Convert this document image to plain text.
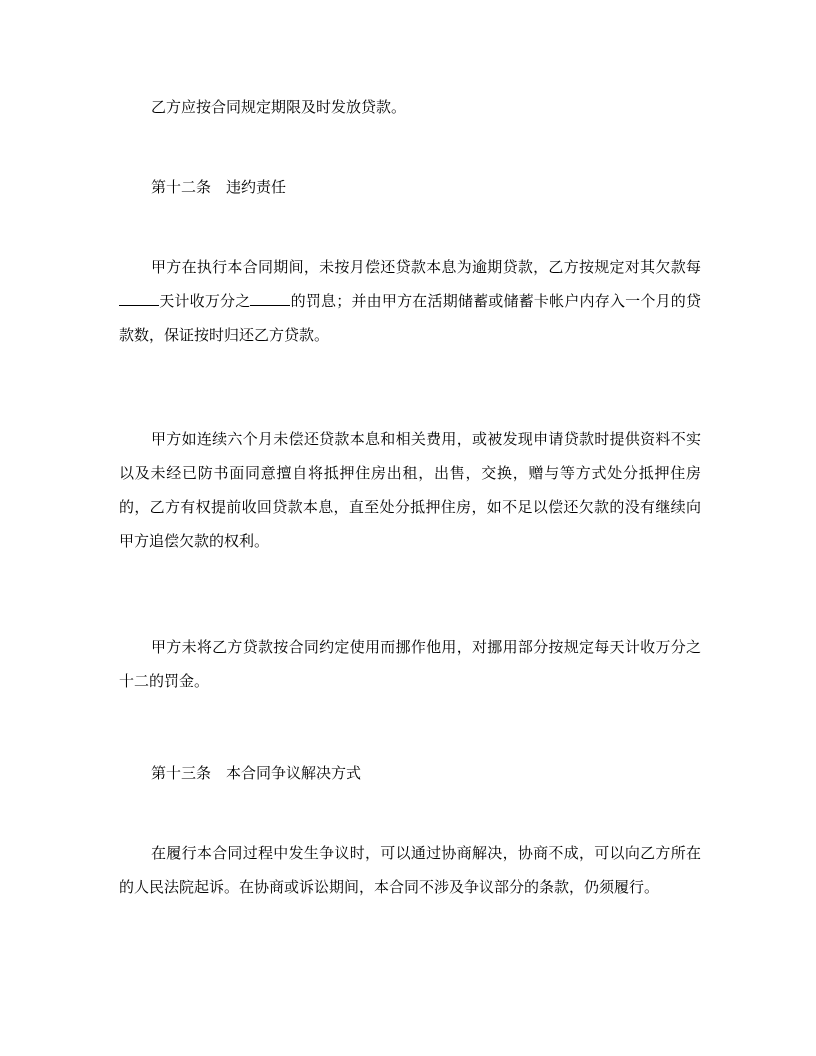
乙方应按合同规定期限及时发放贷款。

第十二条　违约责任

甲方在执行本合同期间，未按月偿还贷款本息为逾期贷款，乙方按规定对其欠款每天计收万分之	的罚息；并由甲方在活期储蓄或储蓄卡帐户内存入一个月的贷款数，保证按时归还乙方贷款。

甲方如连续六个月未偿还贷款本息和相关费用，或被发现申请贷款时提供资料不实以及未经已防书面同意擅自将抵押住房出租，出售，交换，赠与等方式处分抵押住房的，乙方有权提前收回贷款本息，直至处分抵押住房，如不足以偿还欠款的没有继续向甲方追偿欠款的权利。

甲方未将乙方贷款按合同约定使用而挪作他用，对挪用部分按规定每天计收万分之十二的罚金。

第十三条　本合同争议解决方式

在履行本合同过程中发生争议时，可以通过协商解决，协商不成，可以向乙方所在的人民法院起诉。在协商或诉讼期间，本合同不涉及争议部分的条款，仍须履行。
